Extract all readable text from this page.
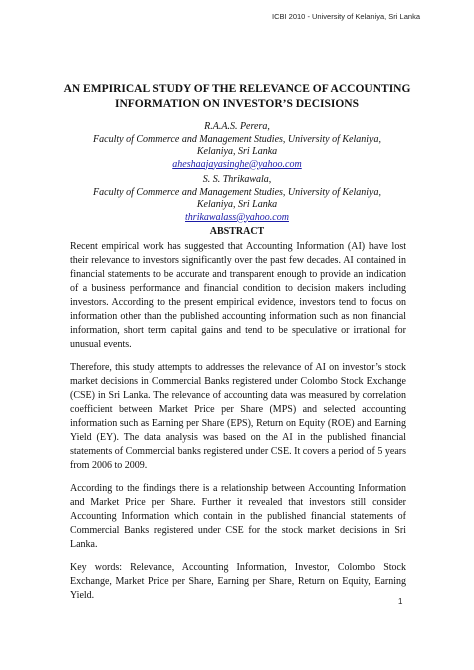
ICBI 2010 - University of Kelaniya, Sri Lanka
AN EMPIRICAL STUDY OF THE RELEVANCE OF ACCOUNTING
INFORMATION ON INVESTOR’S DECISIONS
R.A.A.S. Perera,
Faculty of Commerce and Management Studies, University of Kelaniya,
Kelaniya, Sri Lanka
aheshaajayasinghe@yahoo.com
S. S. Thrikawala,
Faculty of Commerce and Management Studies, University of Kelaniya,
Kelaniya, Sri Lanka
thrikawalass@yahoo.com
ABSTRACT

Recent empirical work has suggested that Accounting Information (AI) have lost their relevance to investors significantly over the past few decades. AI contained in financial statements to be accurate and transparent enough to provide an indication of a business performance and financial condition to decision makers including investors. According to the present empirical evidence, investors tend to focus on information other than the published accounting information such as non financial information, short term capital gains and tend to be speculative or irrational for unusual events.

Therefore, this study attempts to addresses the relevance of AI on investor’s stock market decisions in Commercial Banks registered under Colombo Stock Exchange (CSE) in Sri Lanka. The relevance of accounting data was measured by correlation coefficient between Market Price per Share (MPS) and selected accounting information such as Earning per Share (EPS), Return on Equity (ROE) and Earning Yield (EY). The data analysis was based on the AI in the published financial statements of Commercial banks registered under CSE. It covers a period of 5 years from 2006 to 2009.

According to the findings there is a relationship between Accounting Information and Market Price per Share. Further it revealed that investors still consider Accounting Information which contain in the published financial statements of Commercial Banks registered under CSE for the stock market decisions in Sri Lanka.

Key words: Relevance, Accounting Information, Investor, Colombo Stock Exchange, Market Price per Share, Earning per Share, Return on Equity, Earning Yield.

1
